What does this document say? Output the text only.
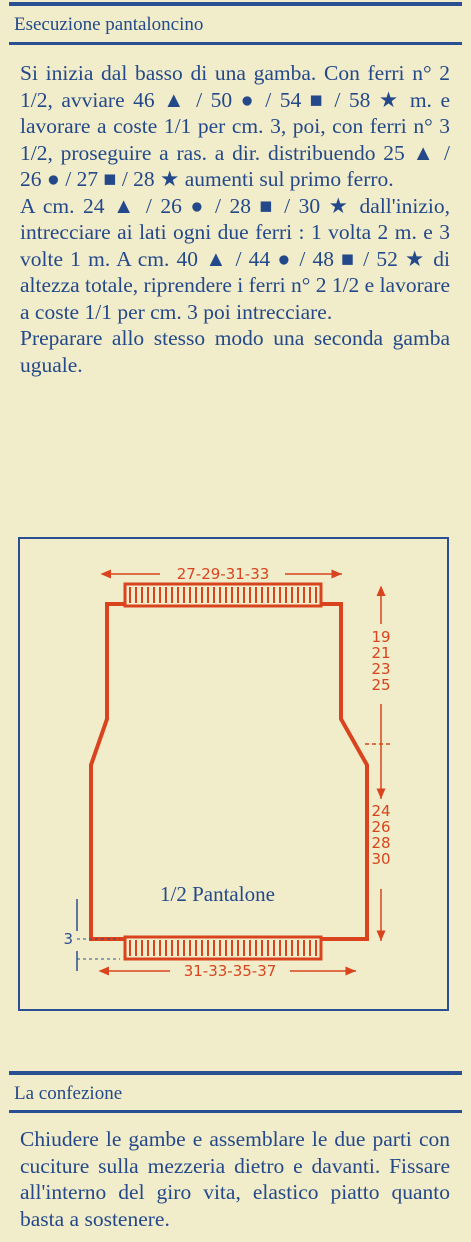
Esecuzione pantaloncino

Si inizia dal basso di una gamba. Con ferri n° 2 1/2, avviare 46 ▲ / 50 ● / 54 ■ / 58 ★ m. e lavorare a coste 1/1 per cm. 3, poi, con ferri n° 3 1/2, proseguire a ras. a dir. distribuendo 25 ▲ / 26 ● / 27 ■ / 28 ★ aumenti sul primo ferro.

A cm. 24 ▲ / 26 ● / 28 ■ / 30 ★ dall'inizio, intrecciare ai lati ogni due ferri : 1 volta 2 m. e 3 volte 1 m. A cm. 40 ▲ / 44 ● / 48 ■ / 52 ★ di altezza totale, riprendere i ferri n° 2 1/2 e lavorare a coste 1/1 per cm. 3 poi intrecciare.

Preparare allo stesso modo una seconda gamba uguale.

27-29-31-33
31-33-35-37
19
21
23
25
24
26
28
30
3
1/2 Pantalone
La confezione

Chiudere le gambe e assemblare le due parti con cuciture sulla mezzeria dietro e davanti. Fissare all'interno del giro vita, elastico piatto quanto basta a sostenere.
